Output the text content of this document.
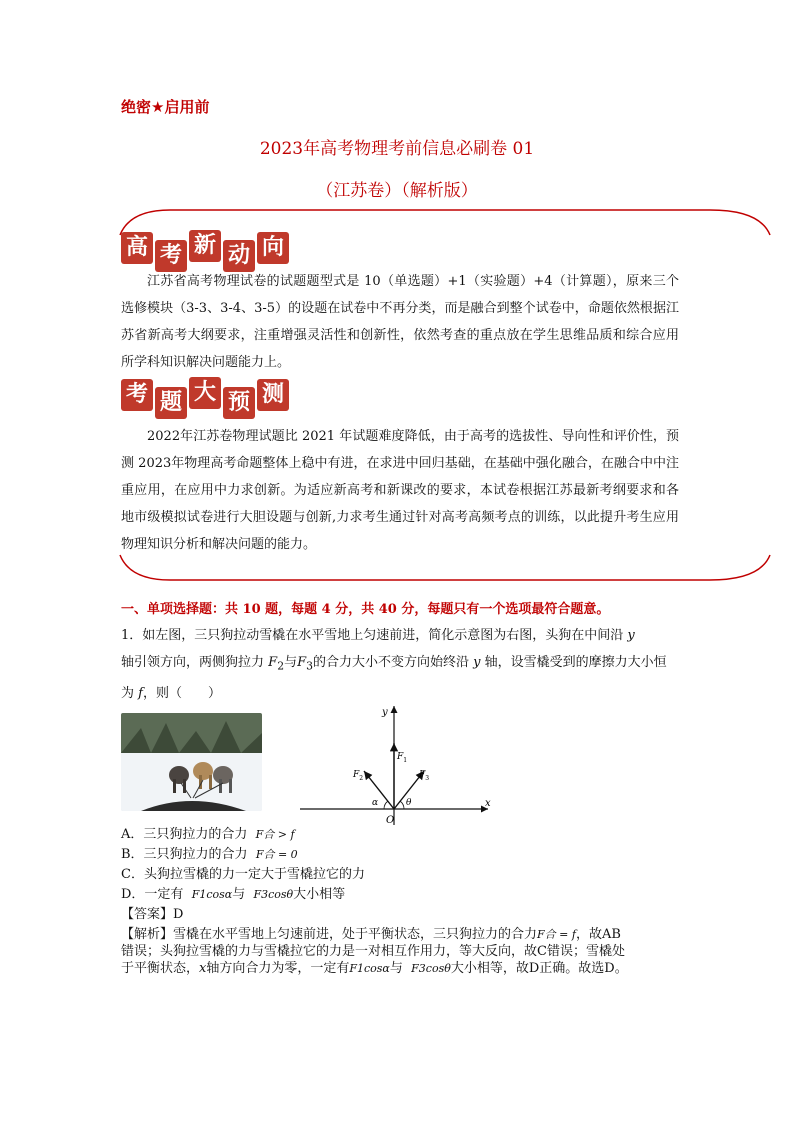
绝密★启用前
2023年高考物理考前信息必刷卷 01
（江苏卷）（解析版）
高 考 新 动 向
江苏省高考物理试卷的试题题型式是 10（单选题）+1（实验题）+4（计算题），原来三个选修模块（3-3、3-4、3-5）的设题在试卷中不再分类，而是融合到整个试卷中，命题依然根据江苏省新高考大纲要求，注重增强灵活性和创新性，依然考查的重点放在学生思维品质和综合应用所学科知识解决问题能力上。
考 题 大 预 测
2022年江苏卷物理试题比 2021 年试题难度降低，由于高考的选拔性、导向性和评价性，预测 2023年物理高考命题整体上稳中有进，在求进中回归基础，在基础中强化融合，在融合中中注重应用，在应用中力求创新。为适应新高考和新课改的要求，本试卷根据江苏最新考纲要求和各地市级模拟试卷进行大胆设题与创新,力求考生通过针对高考高频考点的训练，以此提升考生应用物理知识分析和解决问题的能力。
一、单项选择题：共 10 题，每题 4 分，共 40 分，每题只有一个选项最符合题意。
1．如左图，三只狗拉动雪橇在水平雪地上匀速前进，简化示意图为右图，头狗在中间沿 y
轴引领方向，两侧狗拉力 $F_2$与$F_3$的合力大小不变方向始终沿 y 轴，设雪橇受到的摩擦力大小恒为 f，则（　　）
x
y
O
$F_1$
$F_2$	$F_3$
α	θ
A．三只狗拉力的合力 F合 > f
B．三只狗拉力的合力 F合 = 0
C．头狗拉雪橇的力一定大于雪橇拉它的力
D．一定有 F1cosα与 F3cosθ大小相等
【答案】D
【解析】雪橇在水平雪地上匀速前进，处于平衡状态，三只狗拉力的合力F合 = f，故AB
错误；头狗拉雪橇的力与雪橇拉它的力是一对相互作用力，等大反向，故C错误；雪橇处
于平衡状态，x轴方向合力为零，一定有F1cosα与 F3cosθ大小相等，故D正确。故选D。
